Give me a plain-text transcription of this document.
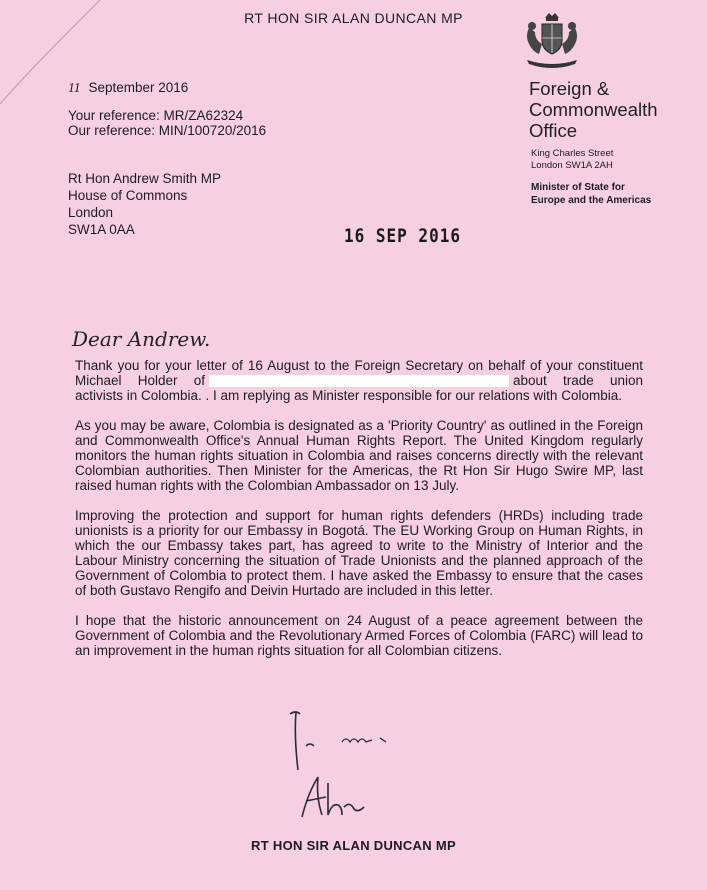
RT HON SIR ALAN DUNCAN MP
Foreign &
Commonwealth
Office
King Charles Street
London SW1A 2AH
Minister of State for
Europe and the Americas
11 September 2016
Your reference: MR/ZA62324
Our reference: MIN/100720/2016
Rt Hon Andrew Smith MP
House of Commons
London
SW1A 0AA	16 SEP 2016
Dear Andrew.

Thank you for your letter of 16 August to the Foreign Secretary on behalf of your constituent Michael Holder of	about trade union activists in Colombia. . I am replying as Minister responsible for our relations with Colombia.

As you may be aware, Colombia is designated as a 'Priority Country' as outlined in the Foreign and Commonwealth Office's Annual Human Rights Report. The United Kingdom regularly monitors the human rights situation in Colombia and raises concerns directly with the relevant Colombian authorities. Then Minister for the Americas, the Rt Hon Sir Hugo Swire MP, last raised human rights with the Colombian Ambassador on 13 July.

Improving the protection and support for human rights defenders (HRDs) including trade unionists is a priority for our Embassy in Bogotá. The EU Working Group on Human Rights, in which the our Embassy takes part, has agreed to write to the Ministry of Interior and the Labour Ministry concerning the situation of Trade Unionists and the planned approach of the Government of Colombia to protect them. I have asked the Embassy to ensure that the cases of both Gustavo Rengifo and Deivin Hurtado are included in this letter.

I hope that the historic announcement on 24 August of a peace agreement between the Government of Colombia and the Revolutionary Armed Forces of Colombia (FARC) will lead to an improvement in the human rights situation for all Colombian citizens.

RT HON SIR ALAN DUNCAN MP
